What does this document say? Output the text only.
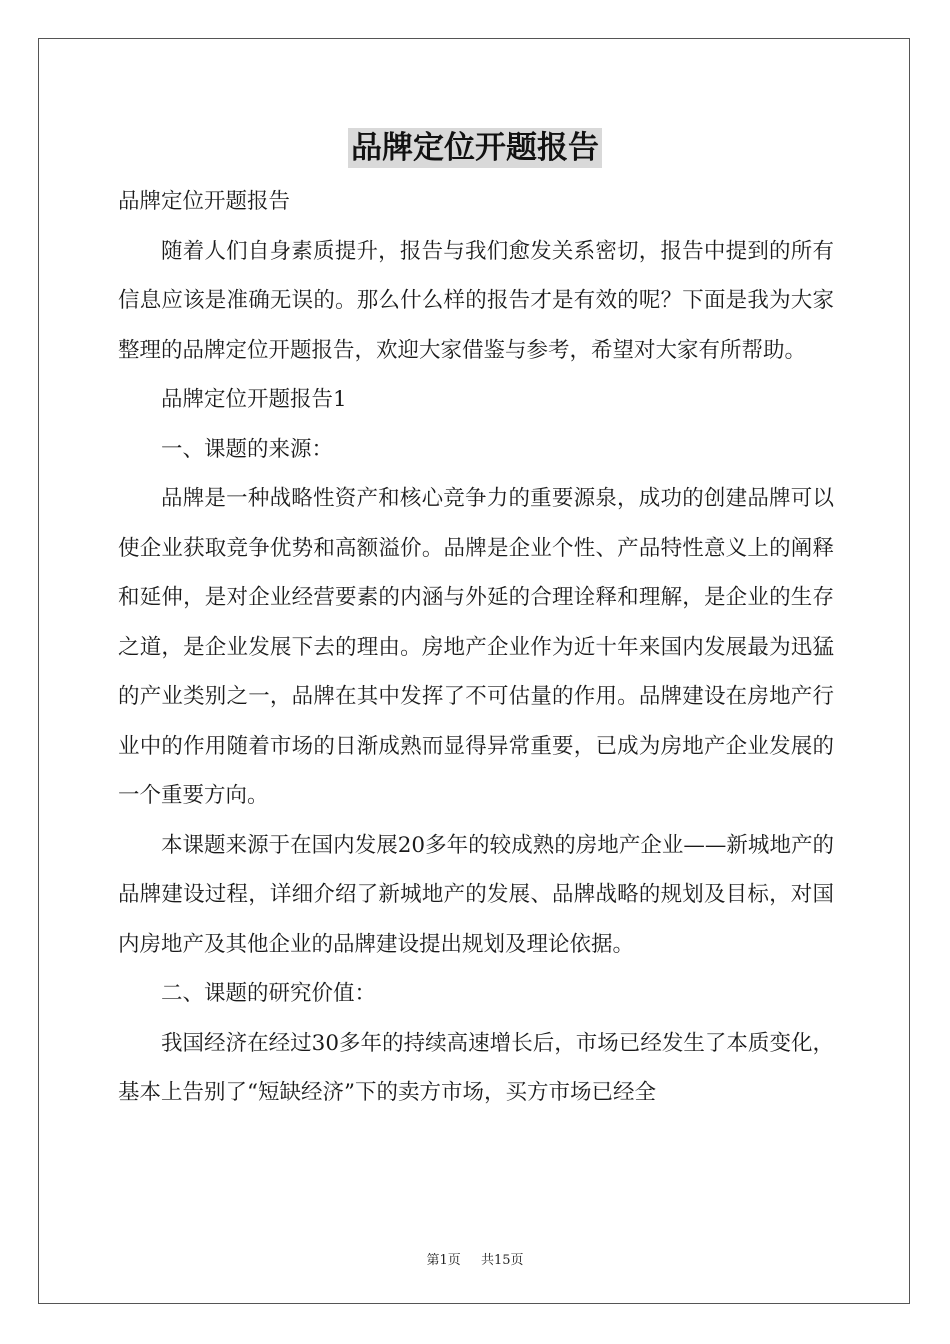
品牌定位开题报告

品牌定位开题报告

随着人们自身素质提升，报告与我们愈发关系密切，报告中提到的所有信息应该是准确无误的。那么什么样的报告才是有效的呢？下面是我为大家整理的品牌定位开题报告，欢迎大家借鉴与参考，希望对大家有所帮助。

品牌定位开题报告1

一、课题的来源：

品牌是一种战略性资产和核心竞争力的重要源泉，成功的创建品牌可以使企业获取竞争优势和高额溢价。品牌是企业个性、产品特性意义上的阐释和延伸，是对企业经营要素的内涵与外延的合理诠释和理解，是企业的生存之道，是企业发展下去的理由。房地产企业作为近十年来国内发展最为迅猛的产业类别之一，品牌在其中发挥了不可估量的作用。品牌建设在房地产行业中的作用随着市场的日渐成熟而显得异常重要，已成为房地产企业发展的一个重要方向。

本课题来源于在国内发展20多年的较成熟的房地产企业——新城地产的品牌建设过程，详细介绍了新城地产的发展、品牌战略的规划及目标，对国内房地产及其他企业的品牌建设提出规划及理论依据。

二、课题的研究价值：

我国经济在经过30多年的持续高速增长后，市场已经发生了本质变化，基本上告别了“短缺经济”下的卖方市场，买方市场已经全

第1页 共15页
